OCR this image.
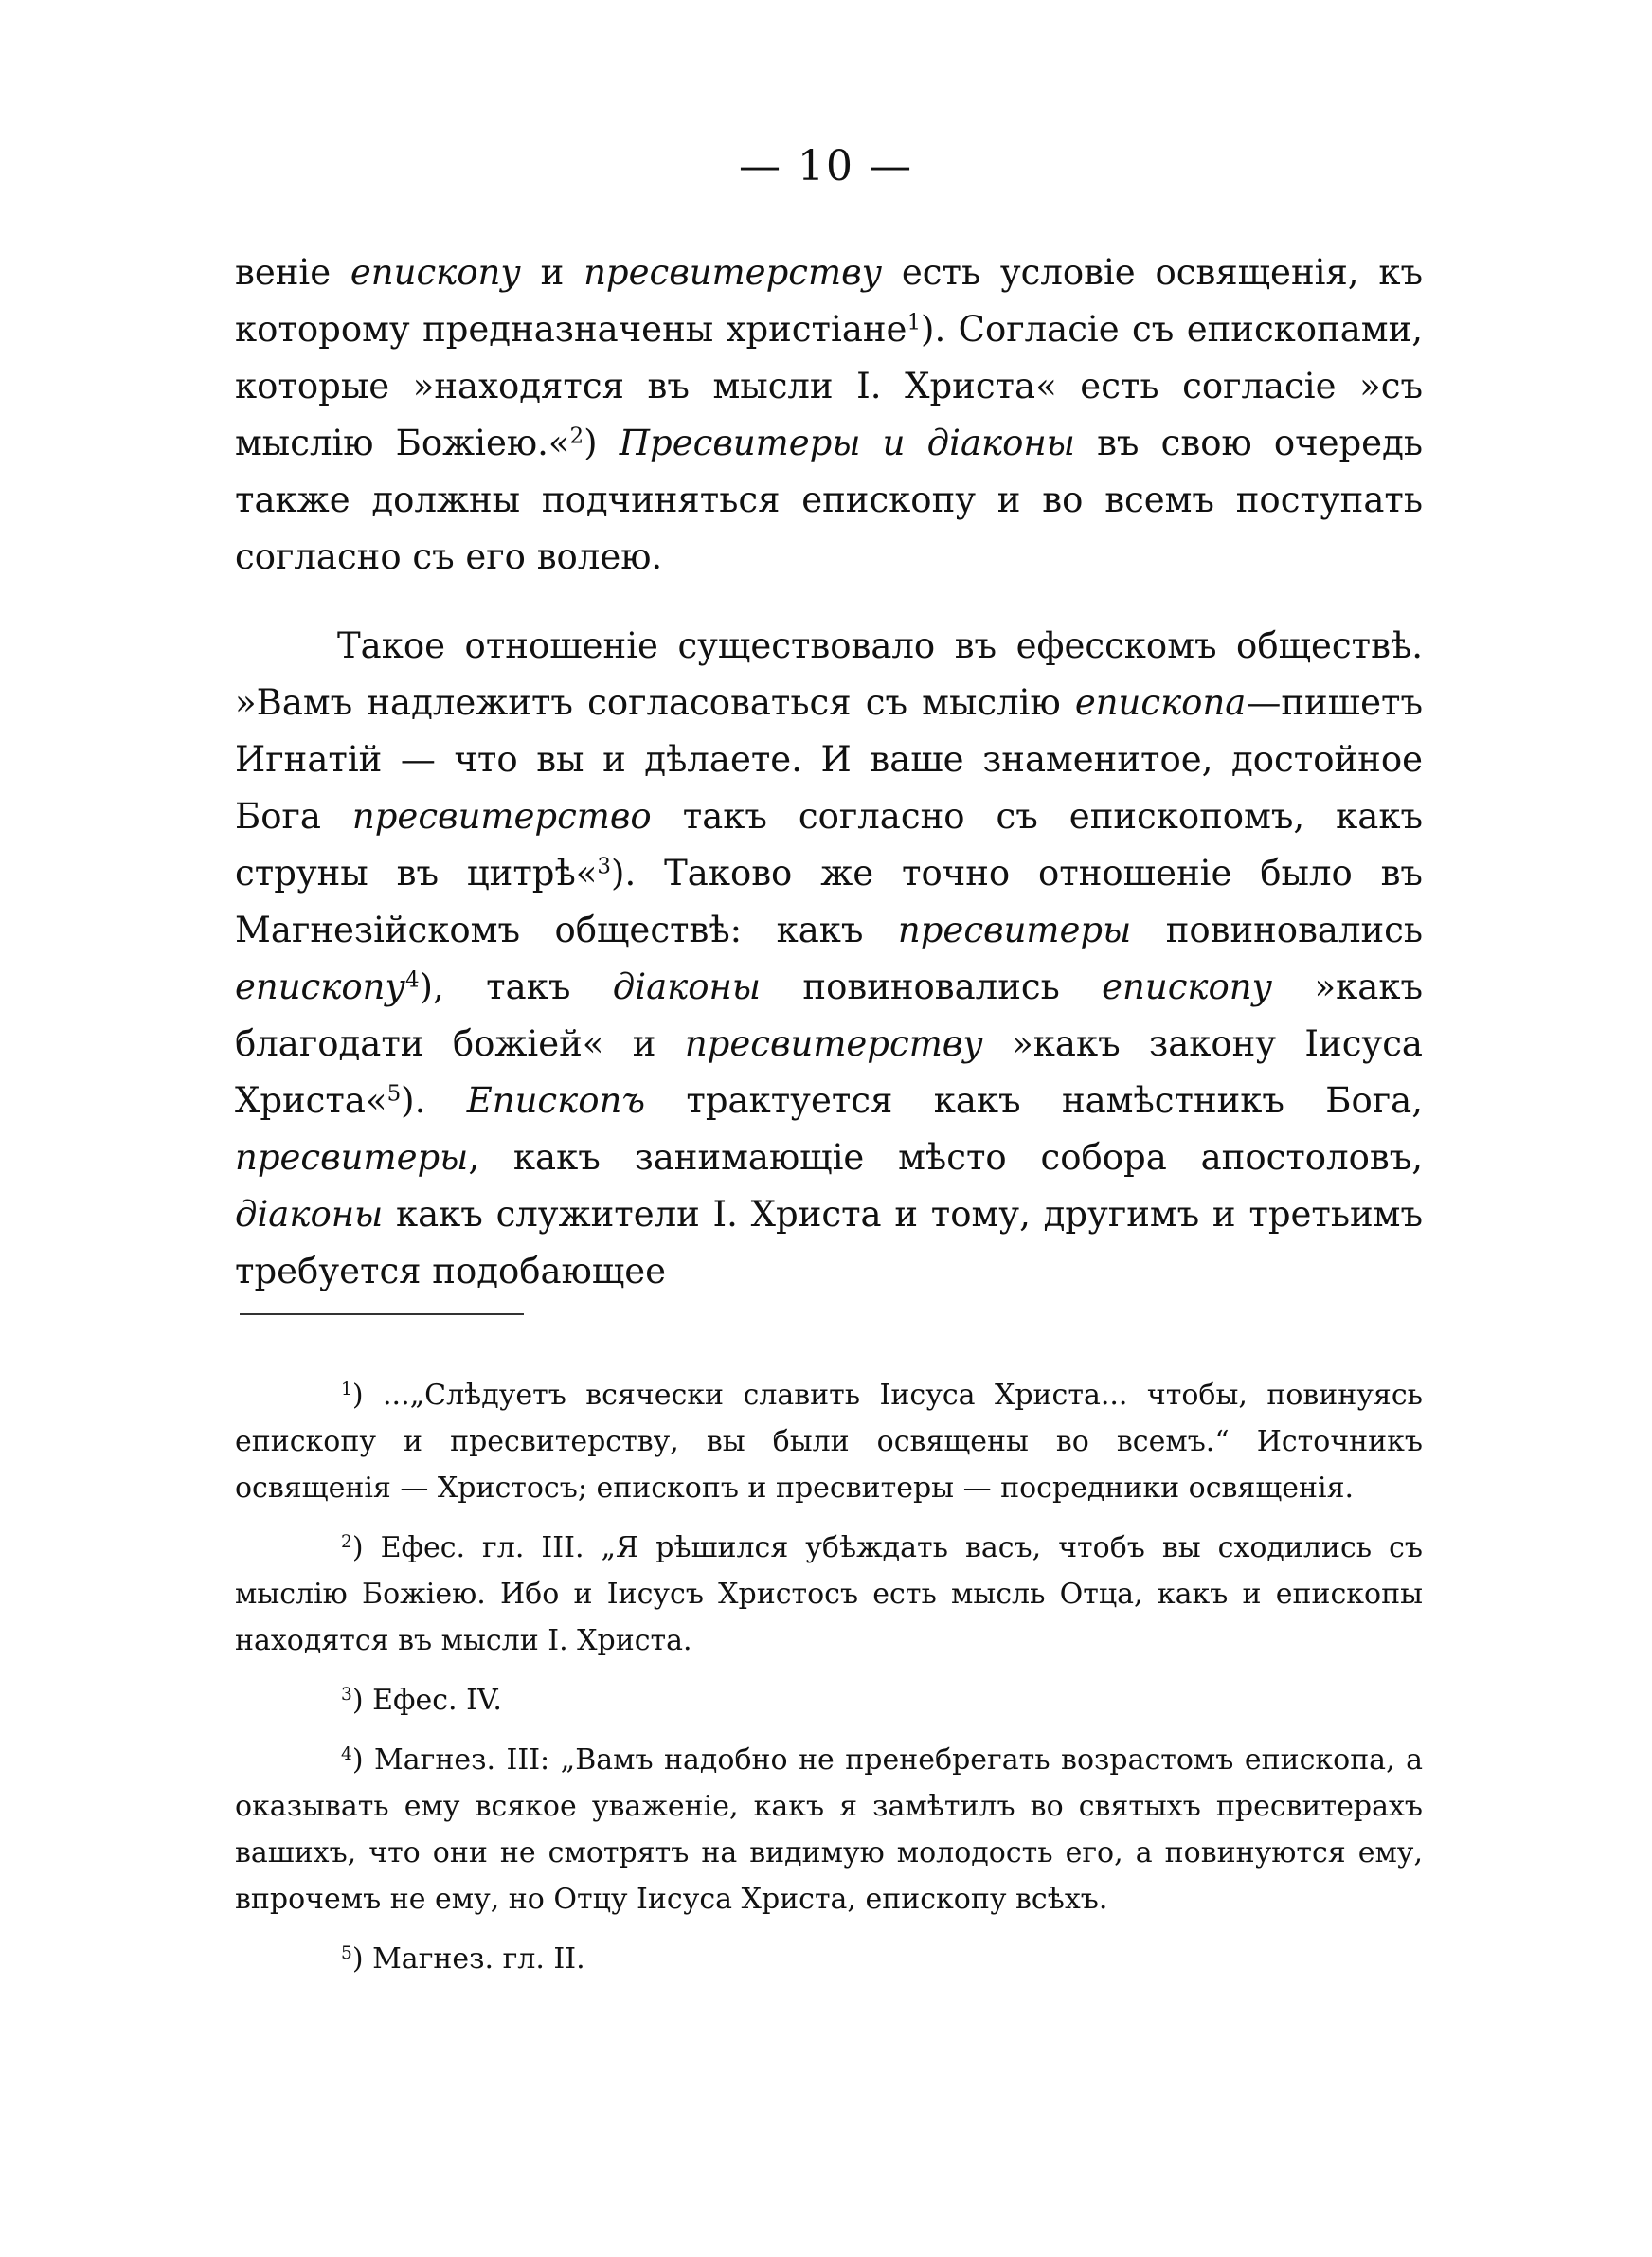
— 10 —

веніе епископу и пресвитерству есть условіе освященія, къ которому предназначены христіане$^1$). Согласіе съ епископами, которые »находятся въ мысли І. Христа« есть согласіе »съ мыслію Божіею.«$^2$) Пресвитеры и діаконы въ свою очередь также должны подчиняться епископу и во всемъ поступать согласно съ его волею.

Такое отношеніе существовало въ ефесскомъ обществѣ. »Вамъ надлежитъ согласоваться съ мыслію епископа—пишетъ Игнатій — что вы и дѣлаете. И ваше знаменитое, достойное Бога пресвитерство такъ согласно съ епископомъ, какъ струны въ цитрѣ«$^3$). Таково же точно отношеніе было въ Магнезійскомъ обществѣ: какъ пресвитеры повиновались епископу$^4$), такъ діаконы повиновались епископу »какъ благодати божіей« и пресвитерству »какъ закону Іисуса Христа«$^5$). Епископъ трактуется какъ намѣстникъ Бога, пресвитеры, какъ занимающіе мѣсто собора апостоловъ, діаконы какъ служители І. Христа и тому, другимъ и третьимъ требуется подобающее

$^1$) ...„Слѣдуетъ всячески славить Іисуса Христа... чтобы, повинуясь епископу и пресвитерству, вы были освящены во всемъ.“ Источникъ освященія — Христосъ; епископъ и пресвитеры — посредники освященія.

$^2$) Ефес. гл. III. „Я рѣшился убѣждать васъ, чтобъ вы сходились съ мыслію Божіею. Ибо и Іисусъ Христосъ есть мысль Отца, какъ и епископы находятся въ мысли І. Христа.

$^3$) Ефес. IV.

$^4$) Магнез. III: „Вамъ надобно не пренебрегать возрастомъ епископа, а оказывать ему всякое уваженіе, какъ я замѣтилъ во святыхъ пресвитерахъ вашихъ, что они не смотрятъ на видимую молодость его, а повинуются ему, впрочемъ не ему, но Отцу Іисуса Христа, епископу всѣхъ.

$^5$) Магнез. гл. II.
